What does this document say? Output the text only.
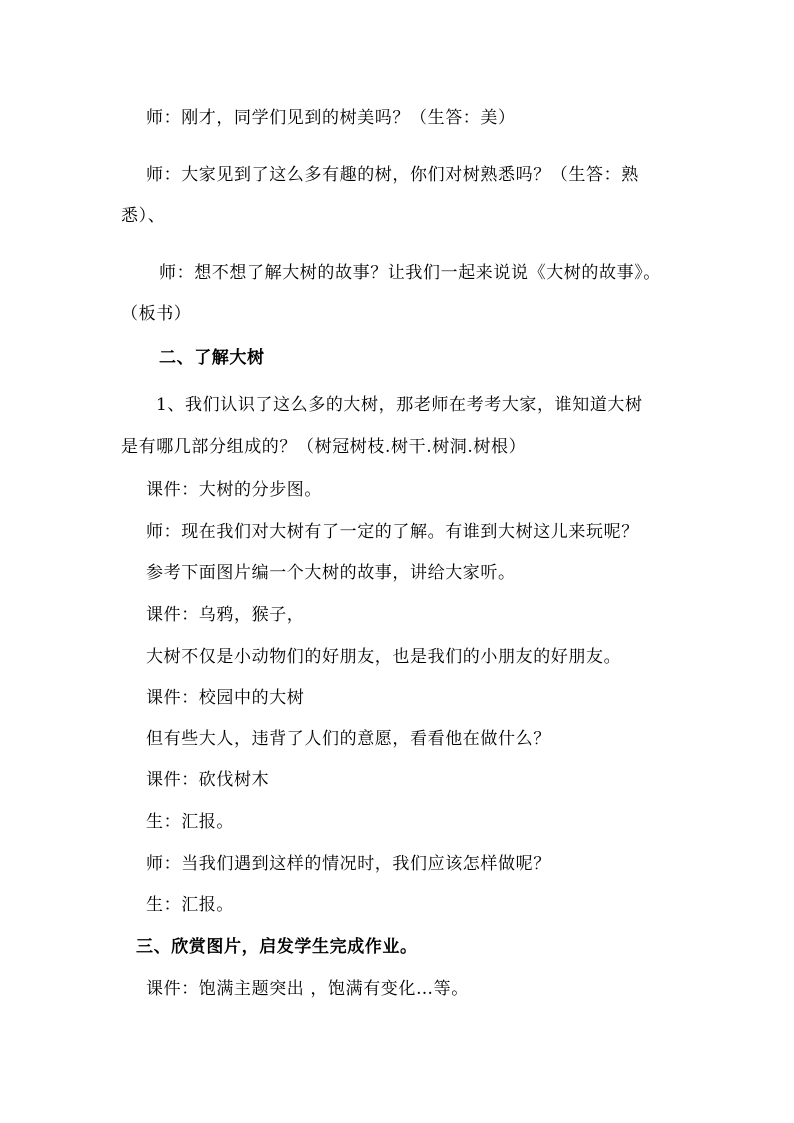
师：刚才，同学们见到的树美吗？（生答：美）
师：大家见到了这么多有趣的树，你们对树熟悉吗？（生答：熟
悉）、
师：想不想了解大树的故事？让我们一起来说说《大树的故事》。
（板书）
二、了解大树
1、我们认识了这么多的大树，那老师在考考大家，谁知道大树
是有哪几部分组成的？（树冠树枝.树干.树洞.树根）
课件：大树的分步图。
师：现在我们对大树有了一定的了解。有谁到大树这儿来玩呢？
参考下面图片编一个大树的故事，讲给大家听。
课件：乌鸦，猴子，
大树不仅是小动物们的好朋友，也是我们的小朋友的好朋友。
课件：校园中的大树
但有些大人，违背了人们的意愿，看看他在做什么？
课件：砍伐树木
生：汇报。
师：当我们遇到这样的情况时，我们应该怎样做呢？
生：汇报。
三、欣赏图片，启发学生完成作业。
课件：饱满主题突出 ，饱满有变化…等。
